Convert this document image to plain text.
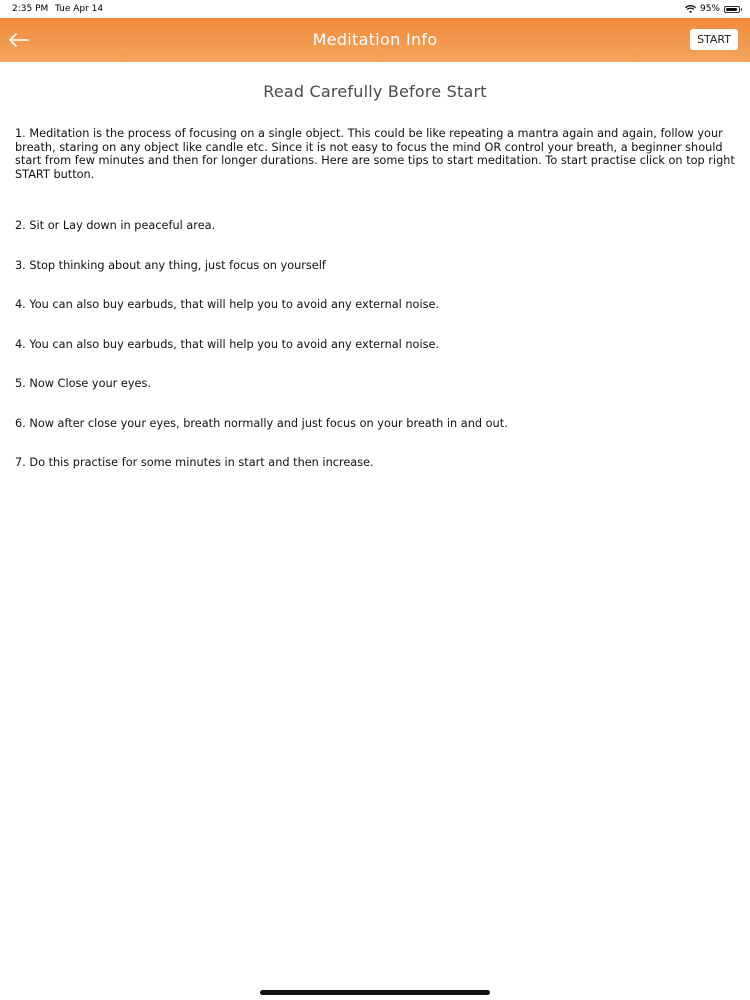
2:35 PM Tue Apr 14	95%
Meditation Info	START
Read Carefully Before Start

1. Meditation is the process of focusing on a single object. This could be like repeating a mantra again and again, follow your breath, staring on any object like candle etc. Since it is not easy to focus the mind OR control your breath, a beginner should start from few minutes and then for longer durations. Here are some tips to start meditation. To start practise click on top right START button.

2. Sit or Lay down in peaceful area.
3. Stop thinking about any thing, just focus on yourself
4. You can also buy earbuds, that will help you to avoid any external noise.
4. You can also buy earbuds, that will help you to avoid any external noise.
5. Now Close your eyes.
6. Now after close your eyes, breath normally and just focus on your breath in and out.
7. Do this practise for some minutes in start and then increase.
